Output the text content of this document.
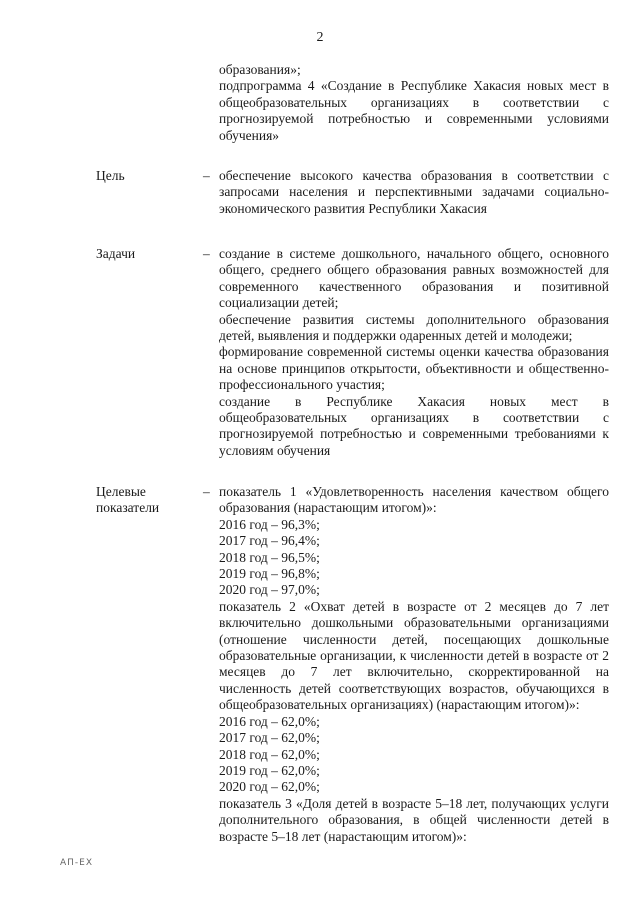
2

образования»;

подпрограмма 4 «Создание в Республике Хакасия новых мест в общеобразовательных организациях в соответствии с прогнозируемой потребностью и современными условиями обучения»

Цель	– обеспечение высокого качества образования в соответствии с запросами населения и перспективными задачами социально-экономического развития Республики Хакасия

Задачи	– создание в системе дошкольного, начального общего, основного общего, среднего общего образования равных возможностей для современного качественного образования и позитивной социализации детей;

обеспечение развития системы дополнительного образования детей, выявления и поддержки одаренных детей и молодежи;

формирование современной системы оценки качества образования на основе принципов открытости, объективности и общественно-профессионального участия;

создание в Республике Хакасия новых мест в общеобразовательных организациях в соответствии с прогнозируемой потребностью и современными требованиями к условиям обучения

Целевые показатели
– показатель 1 «Удовлетворенность населения качеством общего образования (нарастающим итогом)»:

2016 год – 96,3%;

2017 год – 96,4%;

2018 год – 96,5%;

2019 год – 96,8%;

2020 год – 97,0%;

показатель 2 «Охват детей в возрасте от 2 месяцев до 7 лет включительно дошкольными образовательными организациями (отношение численности детей, посещающих дошкольные образовательные организации, к численности детей в возрасте от 2 месяцев до 7 лет включительно, скорректированной на численность детей соответствующих возрастов, обучающихся в общеобразовательных организациях) (нарастающим итогом)»:

2016 год – 62,0%;

2017 год – 62,0%;

2018 год – 62,0%;

2019 год – 62,0%;

2020 год – 62,0%;

показатель 3 «Доля детей в возрасте 5–18 лет, получающих услуги дополнительного образования, в общей численности детей в возрасте 5–18 лет (нарастающим итогом)»:

АП-ЕХ
